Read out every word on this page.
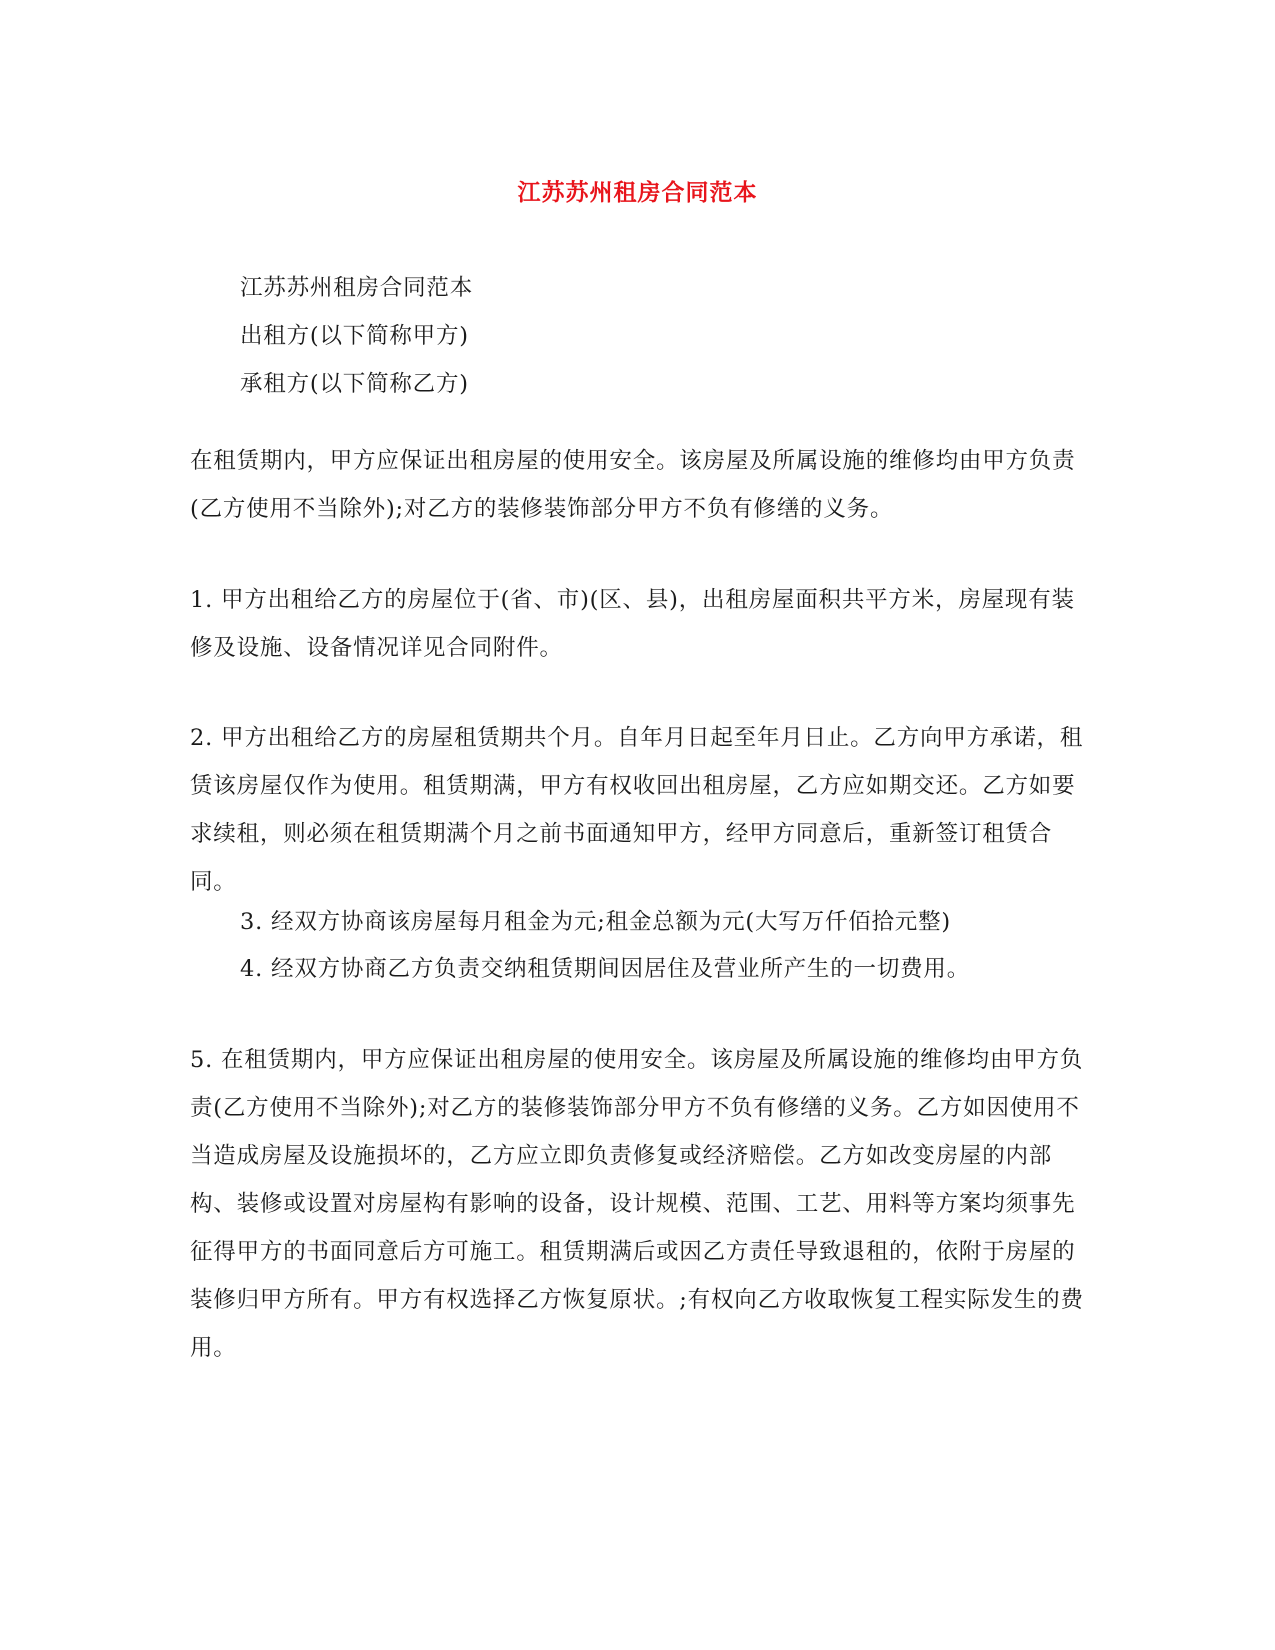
江苏苏州租房合同范本
江苏苏州租房合同范本
出租方(以下简称甲方)
承租方(以下简称乙方)

在租赁期内，甲方应保证出租房屋的使用安全。该房屋及所属设施的维修均由甲方负责(乙方使用不当除外);对乙方的装修装饰部分甲方不负有修缮的义务。

1. 甲方出租给乙方的房屋位于(省、市)(区、县)，出租房屋面积共平方米，房屋现有装修及设施、设备情况详见合同附件。

2. 甲方出租给乙方的房屋租赁期共个月。自年月日起至年月日止。乙方向甲方承诺，租赁该房屋仅作为使用。租赁期满，甲方有权收回出租房屋，乙方应如期交还。乙方如要求续租，则必须在租赁期满个月之前书面通知甲方，经甲方同意后，重新签订租赁合同。

3. 经双方协商该房屋每月租金为元;租金总额为元(大写万仟佰拾元整)
4. 经双方协商乙方负责交纳租赁期间因居住及营业所产生的一切费用。

5. 在租赁期内，甲方应保证出租房屋的使用安全。该房屋及所属设施的维修均由甲方负责(乙方使用不当除外);对乙方的装修装饰部分甲方不负有修缮的义务。乙方如因使用不当造成房屋及设施损坏的，乙方应立即负责修复或经济赔偿。乙方如改变房屋的内部构、装修或设置对房屋构有影响的设备，设计规模、范围、工艺、用料等方案均须事先征得甲方的书面同意后方可施工。租赁期满后或因乙方责任导致退租的，依附于房屋的装修归甲方所有。甲方有权选择乙方恢复原状。;有权向乙方收取恢复工程实际发生的费用。
